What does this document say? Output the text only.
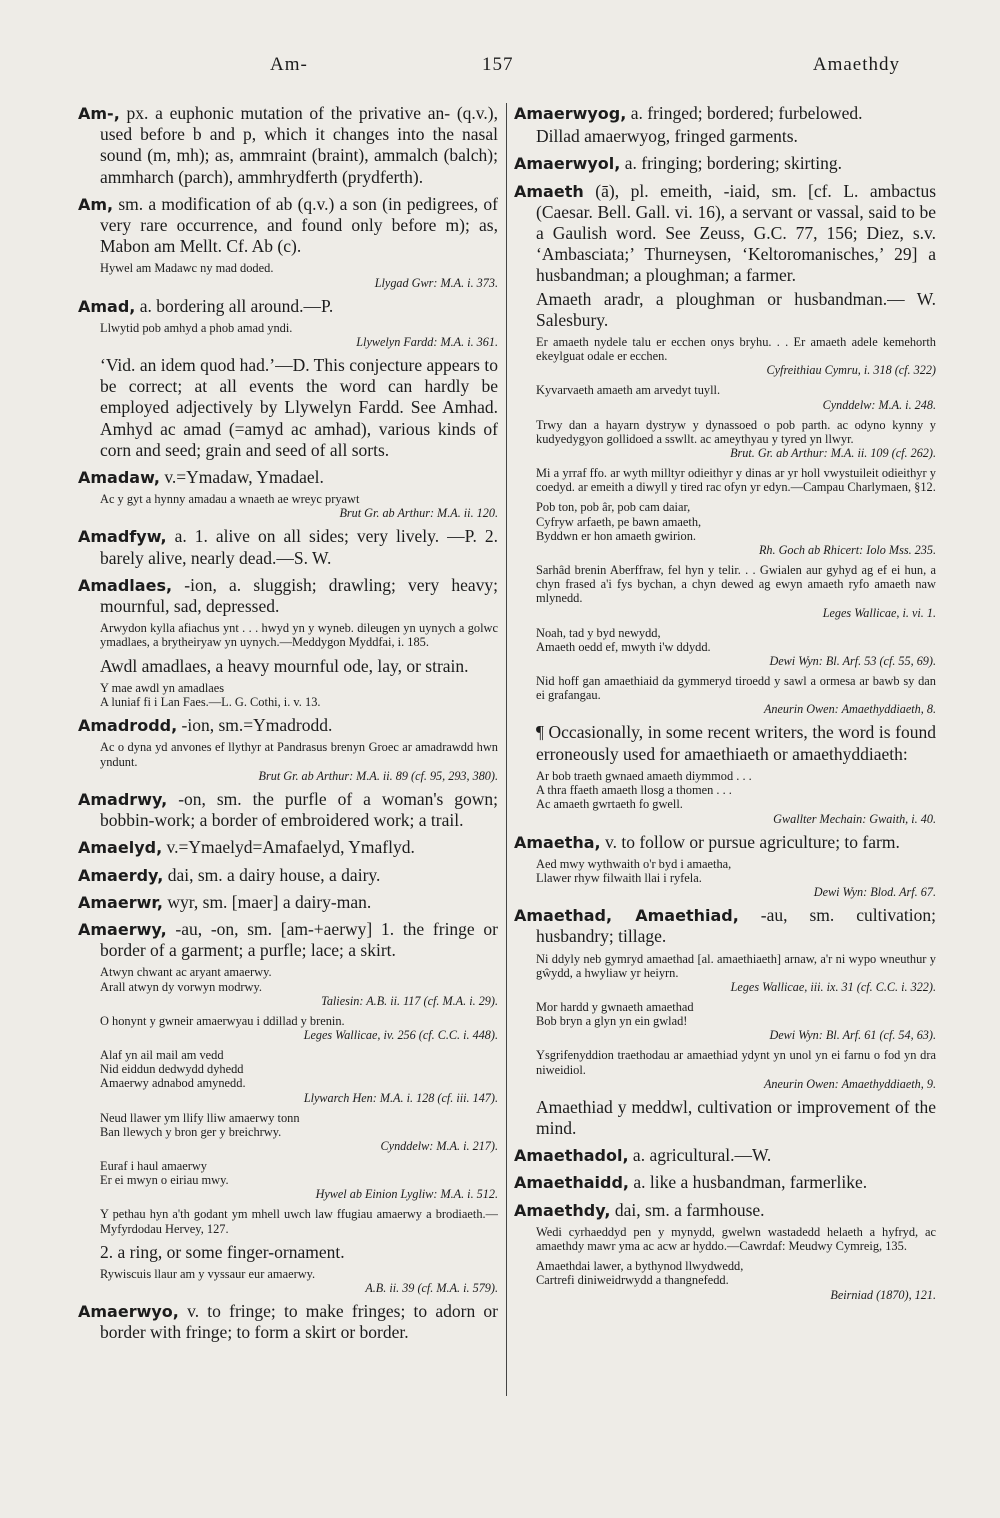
Am-	157	Amaethdy
Am-, px. a euphonic mutation of the privative an- (q.v.), used before b and p, which it changes into the nasal sound (m, mh); as, ammraint (braint), ammalch (balch); ammharch (parch), ammhrydferth (prydferth).
Am, sm. a modification of ab (q.v.) a son (in pedigrees, of very rare occurrence, and found only before m); as, Mabon am Mellt. Cf. Ab (c).
Hywel am Madawc ny mad doded.
Llygad Gwr: M.A. i. 373.
Amad, a. bordering all around.—P.
Llwytid pob amhyd a phob amad yndi.
Llywelyn Fardd: M.A. i. 361.
‘Vid. an idem quod had.’—D. This conjecture appears to be correct; at all events the word can hardly be employed adjectively by Llywelyn Fardd. See Amhad. Amhyd ac amad (=amyd ac amhad), various kinds of corn and seed; grain and seed of all sorts.
Amadaw, v.=Ymadaw, Ymadael.
Ac y gyt a hynny amadau a wnaeth ae wreyc pryawt
Brut Gr. ab Arthur: M.A. ii. 120.
Amadfyw, a. 1. alive on all sides; very lively. —P. 2. barely alive, nearly dead.—S. W.
Amadlaes, -ion, a. sluggish; drawling; very heavy; mournful, sad, depressed.
Arwydon kylla afiachus ynt . . . hwyd yn y wyneb. dileugen yn uynych a golwc ymadlaes, a brytheiryaw yn uynych.—Meddygon Myddfai, i. 185.
Awdl amadlaes, a heavy mournful ode, lay, or strain.
Y mae awdl yn amadlaes
A luniaf fi i Lan Faes.—L. G. Cothi, i. v. 13.
Amadrodd, -ion, sm.=Ymadrodd.
Ac o dyna yd anvones ef llythyr at Pandrasus brenyn Groec ar amadrawdd hwn yndunt.
Brut Gr. ab Arthur: M.A. ii. 89 (cf. 95, 293, 380).
Amadrwy, -on, sm. the purfle of a woman's gown; bobbin-work; a border of embroidered work; a trail.
Amaelyd, v.=Ymaelyd=Amafaelyd, Ymaflyd.
Amaerdy, dai, sm. a dairy house, a dairy.
Amaerwr, wyr, sm. [maer] a dairy-man.
Amaerwy, -au, -on, sm. [am-+aerwy] 1. the fringe or border of a garment; a purfle; lace; a skirt.
Atwyn chwant ac aryant amaerwy.
Arall atwyn dy vorwyn modrwy.
Taliesin: A.B. ii. 117 (cf. M.A. i. 29).
O honynt y gwneir amaerwyau i ddillad y brenin.
Leges Wallicae, iv. 256 (cf. C.C. i. 448).
Alaf yn ail mail am vedd
Nid eiddun dedwydd dyhedd
Amaerwy adnabod amynedd.
Llywarch Hen: M.A. i. 128 (cf. iii. 147).
Neud llawer ym llify lliw amaerwy tonn
Ban llewych y bron ger y breichrwy.
Cynddelw: M.A. i. 217).
Euraf i haul amaerwy
Er ei mwyn o eiriau mwy.
Hywel ab Einion Lygliw: M.A. i. 512.
Y pethau hyn a'th godant ym mhell uwch law ffugiau amaerwy a brodiaeth.—Myfyrdodau Hervey, 127.
2. a ring, or some finger-ornament.
Rywiscuis llaur am y vyssaur eur amaerwy.
A.B. ii. 39 (cf. M.A. i. 579).
Amaerwyo, v. to fringe; to make fringes; to adorn or border with fringe; to form a skirt or border.
Amaerwyog, a. fringed; bordered; furbelowed.
Dillad amaerwyog, fringed garments.
Amaerwyol, a. fringing; bordering; skirting.
Amaeth (ā), pl. emeith, -iaid, sm. [cf. L. ambactus (Caesar. Bell. Gall. vi. 16), a servant or vassal, said to be a Gaulish word. See Zeuss, G.C. 77, 156; Diez, s.v. ‘Ambasciata;’ Thurneysen, ‘Keltoromanisches,’ 29] a husbandman; a ploughman; a farmer.
Amaeth aradr, a ploughman or husbandman.— W. Salesbury.
Er amaeth nydele talu er ecchen onys bryhu. . . Er amaeth adele kemehorth ekeylguat odale er ecchen.
Cyfreithiau Cymru, i. 318 (cf. 322)
Kyvarvaeth amaeth am arvedyt tuyll.
Cynddelw: M.A. i. 248.
Trwy dan a hayarn dystryw y dynassoed o pob parth. ac odyno kynny y kudyedygyon gollidoed a sswllt. ac ameythyau y tyred yn llwyr.
Brut. Gr. ab Arthur: M.A. ii. 109 (cf. 262).
Mi a yrraf ffo. ar wyth milltyr odieithyr y dinas ar yr holl vwystuileit odieithyr y coedyd. ar emeith a diwyll y tired rac ofyn yr edyn.—Campau Charlymaen, §12.
Pob ton, pob âr, pob cam daiar,
Cyfryw arfaeth, pe bawn amaeth,
Byddwn er hon amaeth gwirion.
Rh. Goch ab Rhicert: Iolo Mss. 235.
Sarhâd brenin Aberffraw, fel hyn y telir. . . Gwialen aur gyhyd ag ef ei hun, a chyn frased a'i fys bychan, a chyn dewed ag ewyn amaeth ryfo amaeth naw mlynedd.
Leges Wallicae, i. vi. 1.
Noah, tad y byd newydd,
Amaeth oedd ef, mwyth i'w ddydd.
Dewi Wyn: Bl. Arf. 53 (cf. 55, 69).
Nid hoff gan amaethiaid da gymmeryd tiroedd y sawl a ormesa ar bawb sy dan ei grafangau.
Aneurin Owen: Amaethyddiaeth, 8.
¶ Occasionally, in some recent writers, the word is found erroneously used for amaethiaeth or amaethyddiaeth:
Ar bob traeth gwnaed amaeth diymmod . . .
A thra ffaeth amaeth llosg a thomen . . .
Ac amaeth gwrtaeth fo gwell.
Gwallter Mechain: Gwaith, i. 40.
Amaetha, v. to follow or pursue agriculture; to farm.
Aed mwy wythwaith o'r byd i amaetha,
Llawer rhyw filwaith llai i ryfela.
Dewi Wyn: Blod. Arf. 67.
Amaethad, Amaethiad, -au, sm. cultivation; husbandry; tillage.
Ni ddyly neb gymryd amaethad [al. amaethiaeth] arnaw, a'r ni wypo wneuthur y gŵydd, a hwyliaw yr heiyrn.
Leges Wallicae, iii. ix. 31 (cf. C.C. i. 322).
Mor hardd y gwnaeth amaethad
Bob bryn a glyn yn ein gwlad!
Dewi Wyn: Bl. Arf. 61 (cf. 54, 63).
Ysgrifenyddion traethodau ar amaethiad ydynt yn unol yn ei farnu o fod yn dra niweidiol.
Aneurin Owen: Amaethyddiaeth, 9.
Amaethiad y meddwl, cultivation or improvement of the mind.
Amaethadol, a. agricultural.—W.
Amaethaidd, a. like a husbandman, farmerlike.
Amaethdy, dai, sm. a farmhouse.
Wedi cyrhaeddyd pen y mynydd, gwelwn wastadedd helaeth a hyfryd, ac amaethdy mawr yma ac acw ar hyddo.—Cawrdaf: Meudwy Cymreig, 135.
Amaethdai lawer, a bythynod llwydwedd,
Cartrefi diniweidrwydd a thangnefedd.
Beirniad (1870), 121.
